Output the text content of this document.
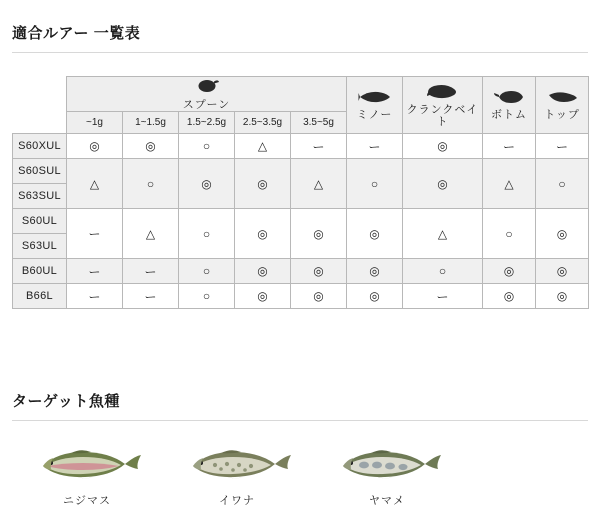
適合ルアー 一覧表

	スプーン					ミノー	クランクベイト	ボトム	トップ

	~1g	1~1.5g	1.5~2.5g	2.5~3.5g	3.5~5g				
S60XUL	◎	◎	○	△	ー	ー	◎	ー	ー
S60SUL	△	○	◎	◎	△	○	◎	△	○
S63SUL									
S60UL	ー	△	○	◎	◎	◎	△	○	◎
S63UL									
B60UL	ー	ー	○	◎	◎	◎	○	◎	◎
B66L	ー	ー	○	◎	◎	◎	ー	◎	◎
ターゲット魚種
ニジマス	イワナ	ヤマメ
